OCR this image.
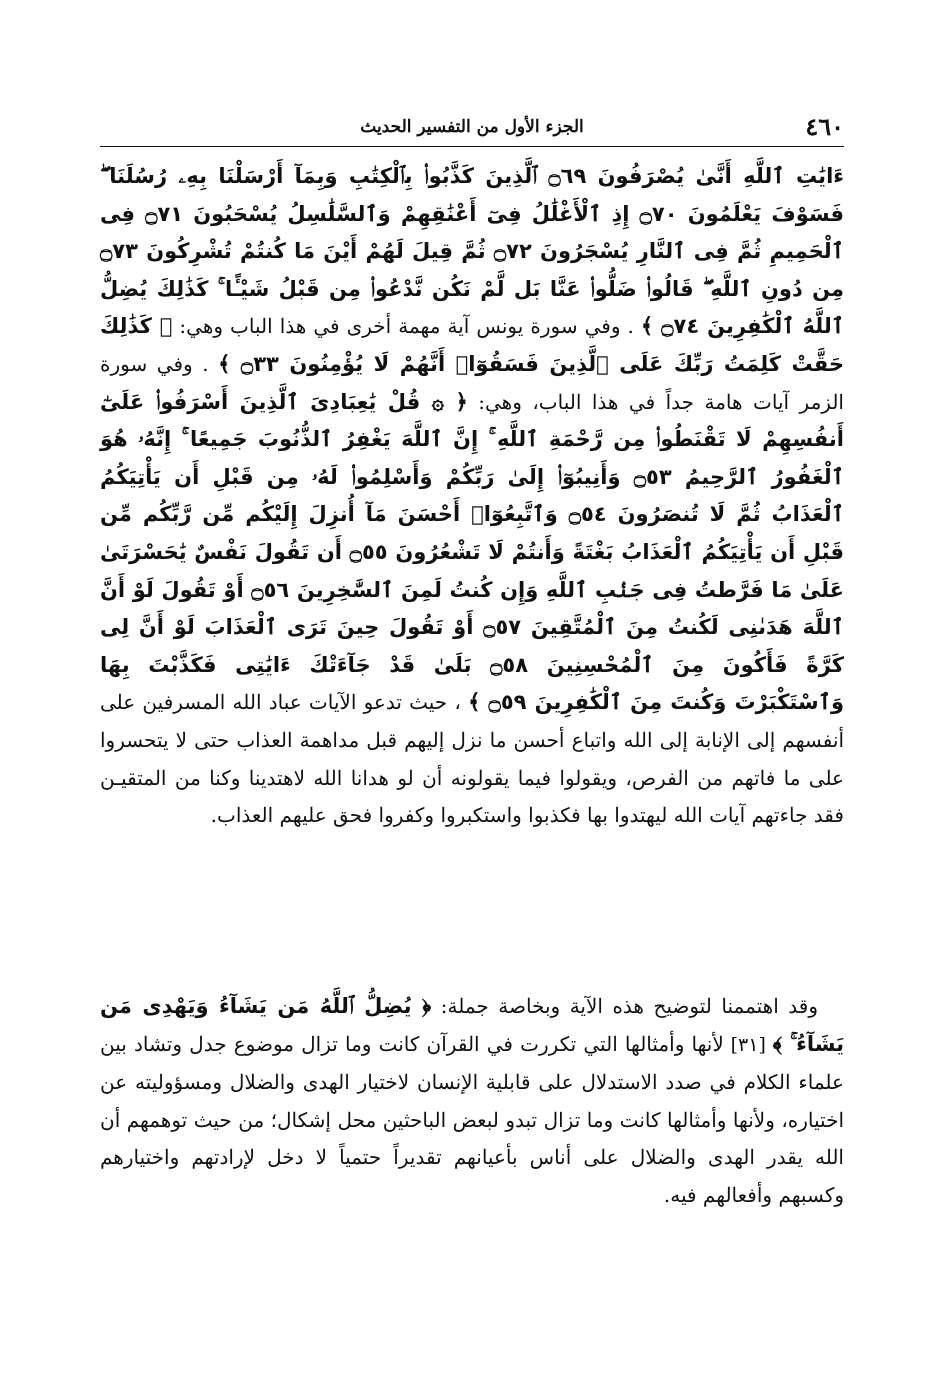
٤٦٠
الجزء الأول من التفسير الحديث

ءَايَٰتِ ٱللَّهِ أَنَّىٰ يُصْرَفُونَ ۝٦٩ ٱلَّذِينَ كَذَّبُوا۟ بِٱلْكِتَٰبِ وَبِمَآ أَرْسَلْنَا بِهِۦ رُسُلَنَا ۖ فَسَوْفَ يَعْلَمُونَ ۝٧٠ إِذِ ٱلْأَغْلَٰلُ فِىٓ أَعْنَٰقِهِمْ وَٱلسَّلَٰسِلُ يُسْحَبُونَ ۝٧١ فِى ٱلْحَمِيمِ ثُمَّ فِى ٱلنَّارِ يُسْجَرُونَ ۝٧٢ ثُمَّ قِيلَ لَهُمْ أَيْنَ مَا كُنتُمْ تُشْرِكُونَ ۝٧٣ مِن دُونِ ٱللَّهِ ۖ قَالُوا۟ ضَلُّوا۟ عَنَّا بَل لَّمْ نَكُن نَّدْعُوا۟ مِن قَبْلُ شَيْـًٔا ۚ كَذَٰلِكَ يُضِلُّ ٱللَّهُ ٱلْكَٰفِرِينَ ۝٧٤ ﴾ . وفي سورة يونس آية مهمة أخرى في هذا الباب وهي: ﴿ كَذَٰلِكَ حَقَّتْ كَلِمَتُ رَبِّكَ عَلَى ٱلَّذِينَ فَسَقُوٓا۟ أَنَّهُمْ لَا يُؤْمِنُونَ ۝٣٣ ﴾ . وفي سورة الزمر آيات هامة جداً في هذا الباب، وهي: ﴿ ۞ قُلْ يَٰعِبَادِىَ ٱلَّذِينَ أَسْرَفُوا۟ عَلَىٰٓ أَنفُسِهِمْ لَا تَقْنَطُوا۟ مِن رَّحْمَةِ ٱللَّهِ ۚ إِنَّ ٱللَّهَ يَغْفِرُ ٱلذُّنُوبَ جَمِيعًا ۚ إِنَّهُۥ هُوَ ٱلْغَفُورُ ٱلرَّحِيمُ ۝٥٣ وَأَنِيبُوٓا۟ إِلَىٰ رَبِّكُمْ وَأَسْلِمُوا۟ لَهُۥ مِن قَبْلِ أَن يَأْتِيَكُمُ ٱلْعَذَابُ ثُمَّ لَا تُنصَرُونَ ۝٥٤ وَٱتَّبِعُوٓا۟ أَحْسَنَ مَآ أُنزِلَ إِلَيْكُم مِّن رَّبِّكُم مِّن قَبْلِ أَن يَأْتِيَكُمُ ٱلْعَذَابُ بَغْتَةً وَأَنتُمْ لَا تَشْعُرُونَ ۝٥٥ أَن تَقُولَ نَفْسٌ يَٰحَسْرَتَىٰ عَلَىٰ مَا فَرَّطتُ فِى جَنۢبِ ٱللَّهِ وَإِن كُنتُ لَمِنَ ٱلسَّٰخِرِينَ ۝٥٦ أَوْ تَقُولَ لَوْ أَنَّ ٱللَّهَ هَدَىٰنِى لَكُنتُ مِنَ ٱلْمُتَّقِينَ ۝٥٧ أَوْ تَقُولَ حِينَ تَرَى ٱلْعَذَابَ لَوْ أَنَّ لِى كَرَّةً فَأَكُونَ مِنَ ٱلْمُحْسِنِينَ ۝٥٨ بَلَىٰ قَدْ جَآءَتْكَ ءَايَٰتِى فَكَذَّبْتَ بِهَا وَٱسْتَكْبَرْتَ وَكُنتَ مِنَ ٱلْكَٰفِرِينَ ۝٥٩ ﴾ ، حيث تدعو الآيات عباد الله المسرفين على أنفسهم إلى الإنابة إلى الله واتباع أحسن ما نزل إليهم قبل مداهمة العذاب حتى لا يتحسروا على ما فاتهم من الفرص، ويقولوا فيما يقولونه أن لو هدانا الله لاهتدينا وكنا من المتقيـن فقد جاءتهم آيات الله ليهتدوا بها فكذبوا واستكبروا وكفروا فحق عليهم العذاب.

وقد اهتممنا لتوضيح هذه الآية وبخاصة جملة: ﴿ يُضِلُّ ٱللَّهُ مَن يَشَآءُ وَيَهْدِى مَن يَشَآءُ ۚ ﴾ [٣١] لأنها وأمثالها التي تكررت في القرآن كانت وما تزال موضوع جدل وتشاد بين علماء الكلام في صدد الاستدلال على قابلية الإنسان لاختيار الهدى والضلال ومسؤوليته عن اختياره، ولأنها وأمثالها كانت وما تزال تبدو لبعض الباحثين محل إشكال؛ من حيث توهمهم أن الله يقدر الهدى والضلال على أناس بأعيانهم تقديراً حتمياً لا دخل لإرادتهم واختيارهم وكسبهم وأفعالهم فيه.
